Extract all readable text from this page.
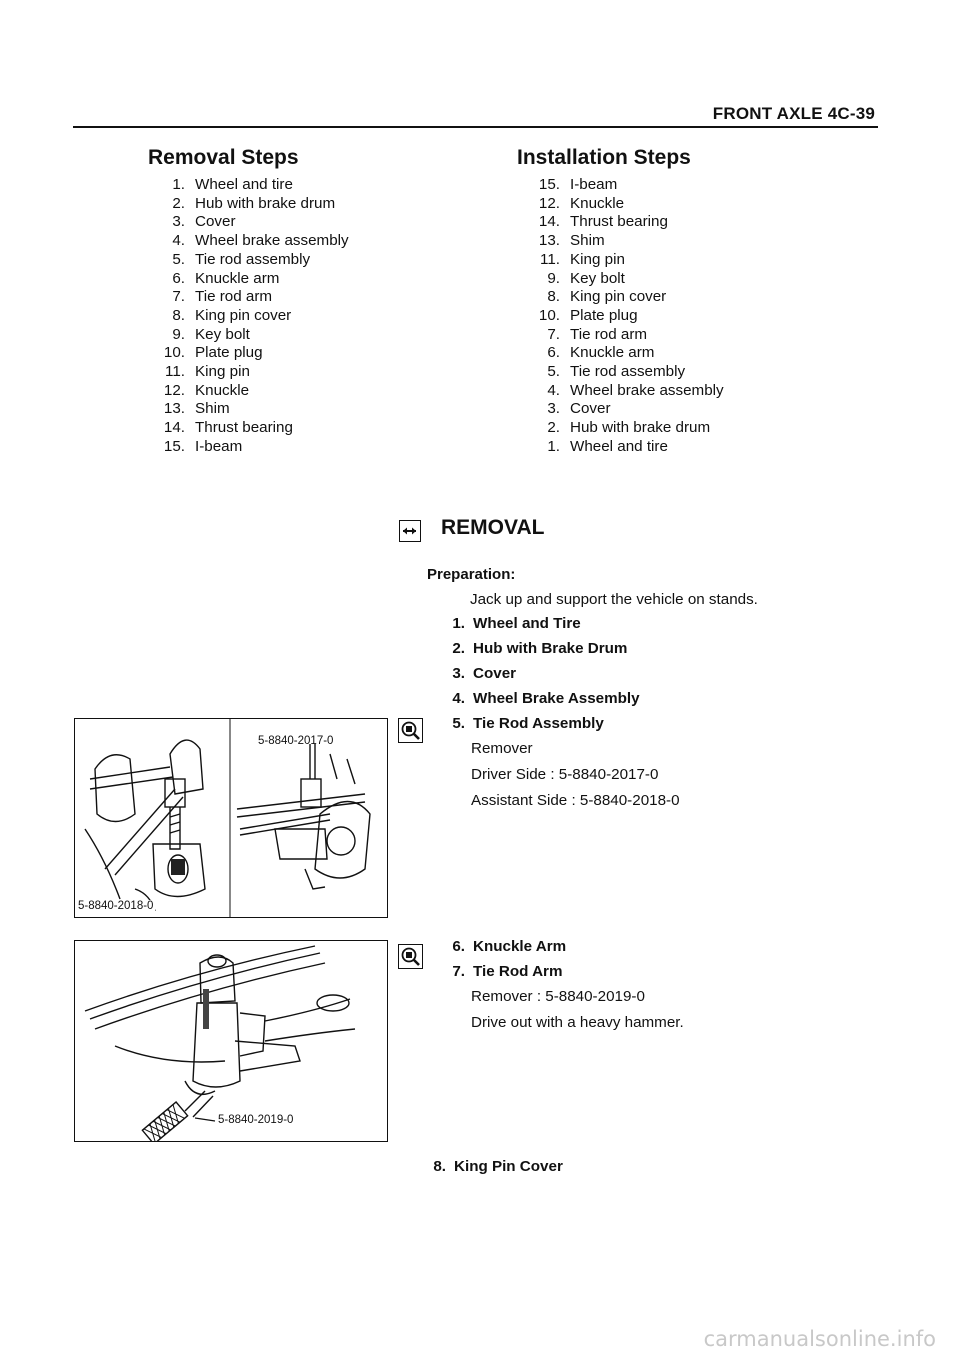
FRONT AXLE 4C-39
Removal Steps
1. Wheel and tire
2. Hub with brake drum
3. Cover
4. Wheel brake assembly
5. Tie rod assembly
6. Knuckle arm
7. Tie rod arm
8. King pin cover
9. Key bolt
10. Plate plug
11. King pin
12. Knuckle
13. Shim
14. Thrust bearing
15. I-beam
Installation Steps
15. I-beam
12. Knuckle
14. Thrust bearing
13. Shim
11. King pin
9. Key bolt
8. King pin cover
10. Plate plug
7. Tie rod arm
6. Knuckle arm
5. Tie rod assembly
4. Wheel brake assembly
3. Cover
2. Hub with brake drum
1. Wheel and tire
REMOVAL
Preparation:
Jack up and support the vehicle on stands.
1. Wheel and Tire
2. Hub with Brake Drum
3. Cover
4. Wheel Brake Assembly
5. Tie Rod Assembly
Remover
Driver Side : 5-8840-2017-0
Assistant Side : 5-8840-2018-0
6. Knuckle Arm
7. Tie Rod Arm
Remover : 5-8840-2019-0
Drive out with a heavy hammer.
8. King Pin Cover
5-8840-2017-0
5-8840-2018-0
5-8840-2019-0
carmanualsonline.info
